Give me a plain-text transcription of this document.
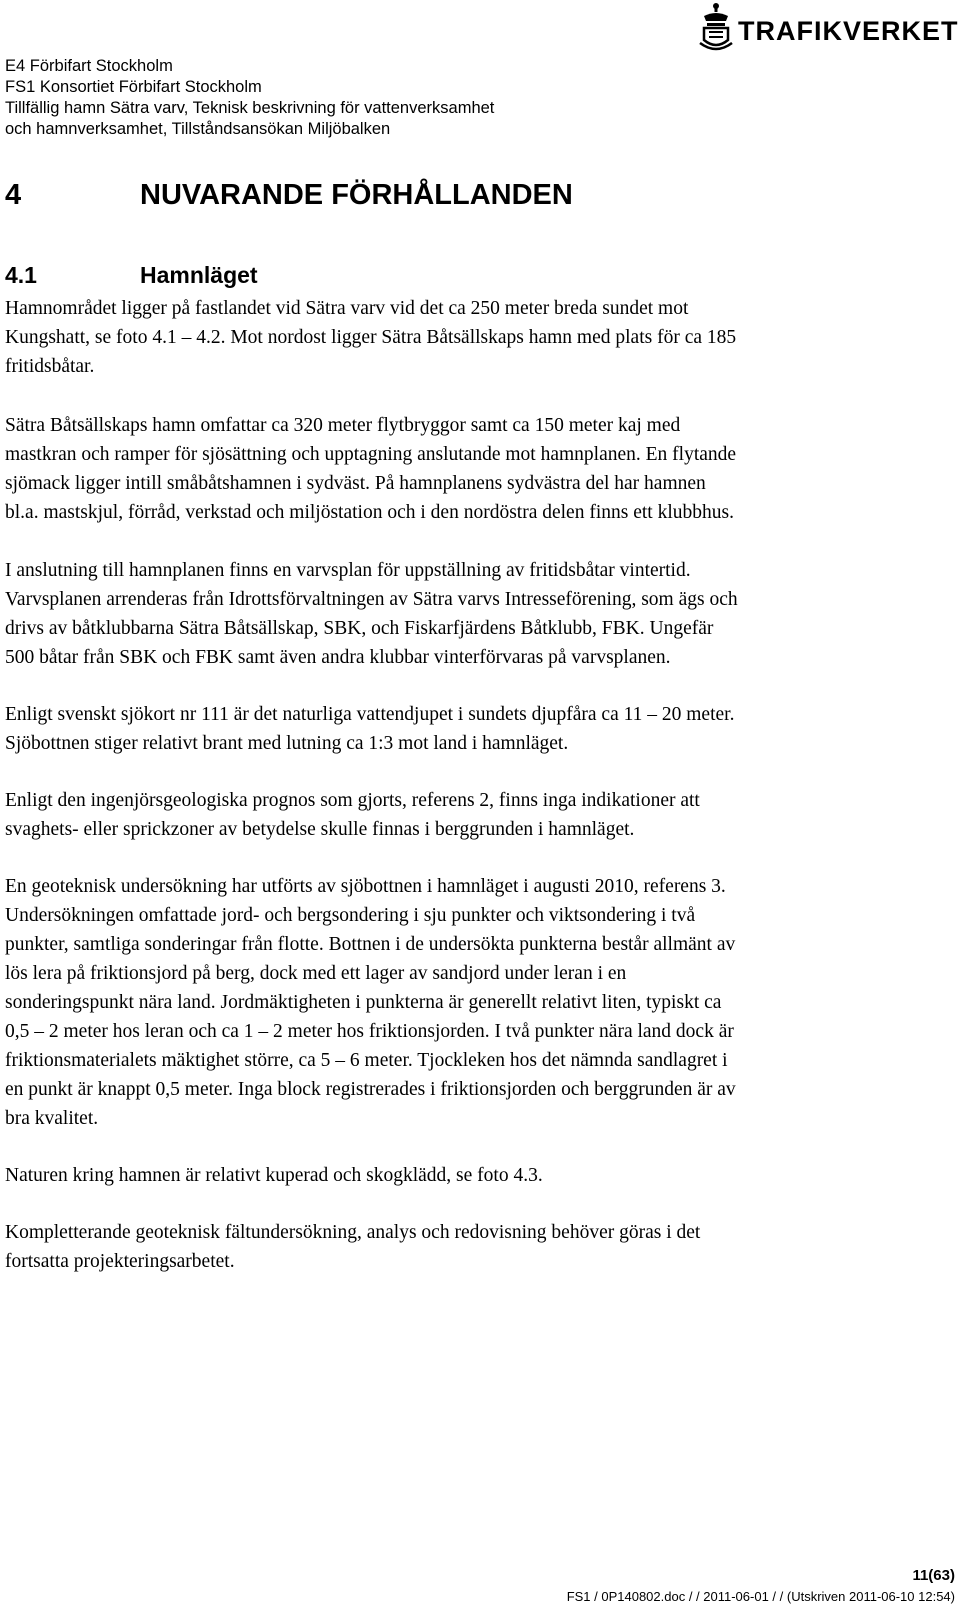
E4 Förbifart Stockholm
FS1 Konsortiet Förbifart Stockholm
Tillfällig hamn Sätra varv, Teknisk beskrivning för vattenverksamhet
och hamnverksamhet, Tillståndsansökan Miljöbalken
TRAFIKVERKET
4	NUVARANDE FÖRHÅLLANDEN
4.1	Hamnläget
Hamnområdet ligger på fastlandet vid Sätra varv vid det ca 250 meter breda sundet mot
Kungshatt, se foto 4.1 – 4.2. Mot nordost ligger Sätra Båtsällskaps hamn med plats för ca 185
fritidsbåtar.
Sätra Båtsällskaps hamn omfattar ca 320 meter flytbryggor samt ca 150 meter kaj med
mastkran och ramper för sjösättning och upptagning anslutande mot hamnplanen. En flytande
sjömack ligger intill småbåtshamnen i sydväst. På hamnplanens sydvästra del har hamnen
bl.a. mastskjul, förråd, verkstad och miljöstation och i den nordöstra delen finns ett klubbhus.
I anslutning till hamnplanen finns en varvsplan för uppställning av fritidsbåtar vintertid.
Varvsplanen arrenderas från Idrottsförvaltningen av Sätra varvs Intresseförening, som ägs och
drivs av båtklubbarna Sätra Båtsällskap, SBK, och Fiskarfjärdens Båtklubb, FBK. Ungefär
500 båtar från SBK och FBK samt även andra klubbar vinterförvaras på varvsplanen.
Enligt svenskt sjökort nr 111 är det naturliga vattendjupet i sundets djupfåra ca 11 – 20 meter.
Sjöbottnen stiger relativt brant med lutning ca 1:3 mot land i hamnläget.
Enligt den ingenjörsgeologiska prognos som gjorts, referens 2, finns inga indikationer att
svaghets- eller sprickzoner av betydelse skulle finnas i berggrunden i hamnläget.
En geoteknisk undersökning har utförts av sjöbottnen i hamnläget i augusti 2010, referens 3.
Undersökningen omfattade jord- och bergsondering i sju punkter och viktsondering i två
punkter, samtliga sonderingar från flotte. Bottnen i de undersökta punkterna består allmänt av
lös lera på friktionsjord på berg, dock med ett lager av sandjord under leran i en
sonderingspunkt nära land. Jordmäktigheten i punkterna är generellt relativt liten, typiskt ca
0,5 – 2 meter hos leran och ca 1 – 2 meter hos friktionsjorden. I två punkter nära land dock är
friktionsmaterialets mäktighet större, ca 5 – 6 meter. Tjockleken hos det nämnda sandlagret i
en punkt är knappt 0,5 meter. Inga block registrerades i friktionsjorden och berggrunden är av
bra kvalitet.
Naturen kring hamnen är relativt kuperad och skogklädd, se foto 4.3.
Kompletterande geoteknisk fältundersökning, analys och redovisning behöver göras i det
fortsatta projekteringsarbetet.
11(63)
FS1 / 0P140802.doc / / 2011-06-01 / / (Utskriven 2011-06-10 12:54)
